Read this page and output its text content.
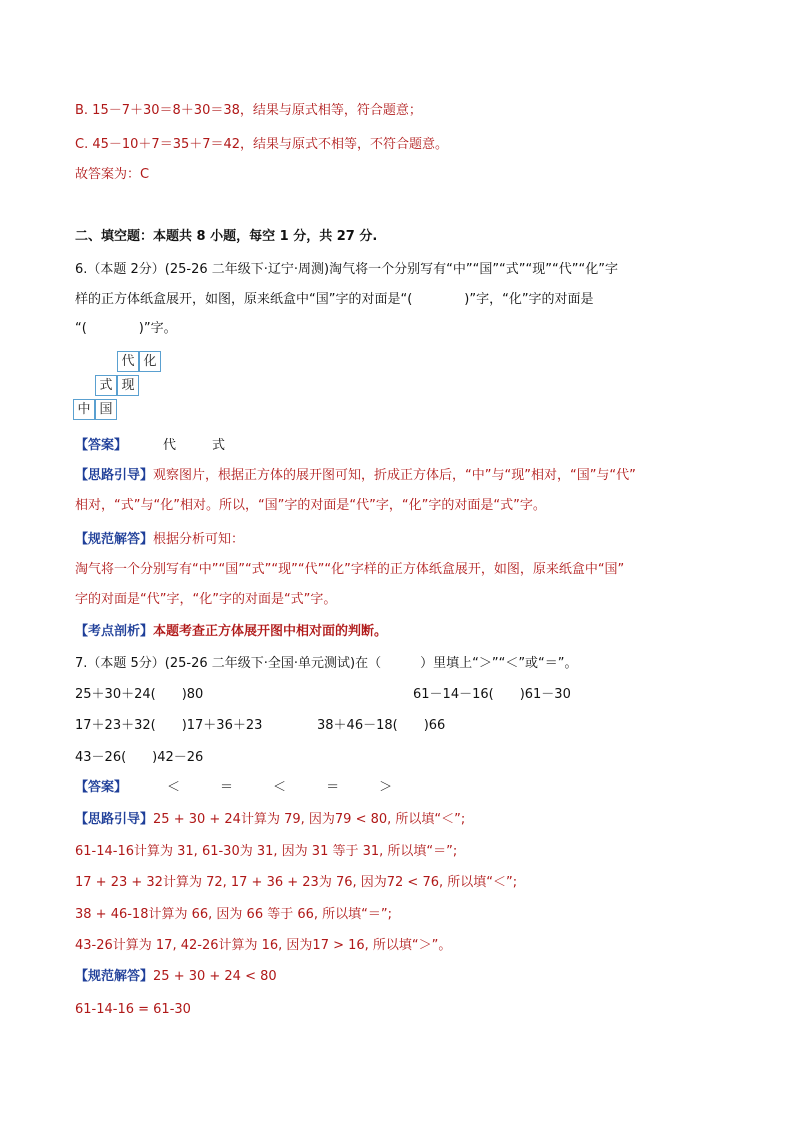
B. 15－7＋30＝8＋30＝38，结果与原式相等，符合题意；
C. 45－10＋7＝35＋7＝42，结果与原式不相等，不符合题意。
故答案为：C
二、填空题：本题共 8 小题，每空 1 分，共 27 分.
6.（本题 2分）(25-26 二年级下·辽宁·周测)淘气将一个分别写有“中”“国”“式”“现”“代”“化”字
样的正方体纸盒展开，如图，原来纸盒中“国”字的对面是“(　　　　)”字，“化”字的对面是
“(　　　　)”字。
代 化
式 现
中 国
【答案】	代	式
【思路引导】观察图片，根据正方体的展开图可知，折成正方体后，“中”与“现”相对，“国”与“代”
相对，“式”与“化”相对。所以，“国”字的对面是“代”字，“化”字的对面是“式”字。
【规范解答】根据分析可知：
淘气将一个分别写有“中”“国”“式”“现”“代”“化”字样的正方体纸盒展开，如图，原来纸盒中“国”
字的对面是“代”字，“化”字的对面是“式”字。
【考点剖析】本题考查正方体展开图中相对面的判断。
7.（本题 5分）(25-26 二年级下·全国·单元测试)在（　　　）里填上“＞”“＜”或“＝”。
25＋30＋24(　　)80	61－14－16(　　)61－30
17＋23＋32(　　)17＋36＋23	38＋46－18(　　)66
43－26(　　)42－26
【答案】	＜	＝	＜	＝	＞
【思路引导】25 + 30 + 24计算为 79, 因为79 < 80, 所以填“＜”;
61-14-16计算为 31, 61-30为 31, 因为 31 等于 31, 所以填“＝”;
17 + 23 + 32计算为 72, 17 + 36 + 23为 76, 因为72 < 76, 所以填“＜”;
38 + 46-18计算为 66, 因为 66 等于 66, 所以填“＝”;
43-26计算为 17, 42-26计算为 16, 因为17 > 16, 所以填“＞”。
【规范解答】25 + 30 + 24 < 80
61-14-16 = 61-30
